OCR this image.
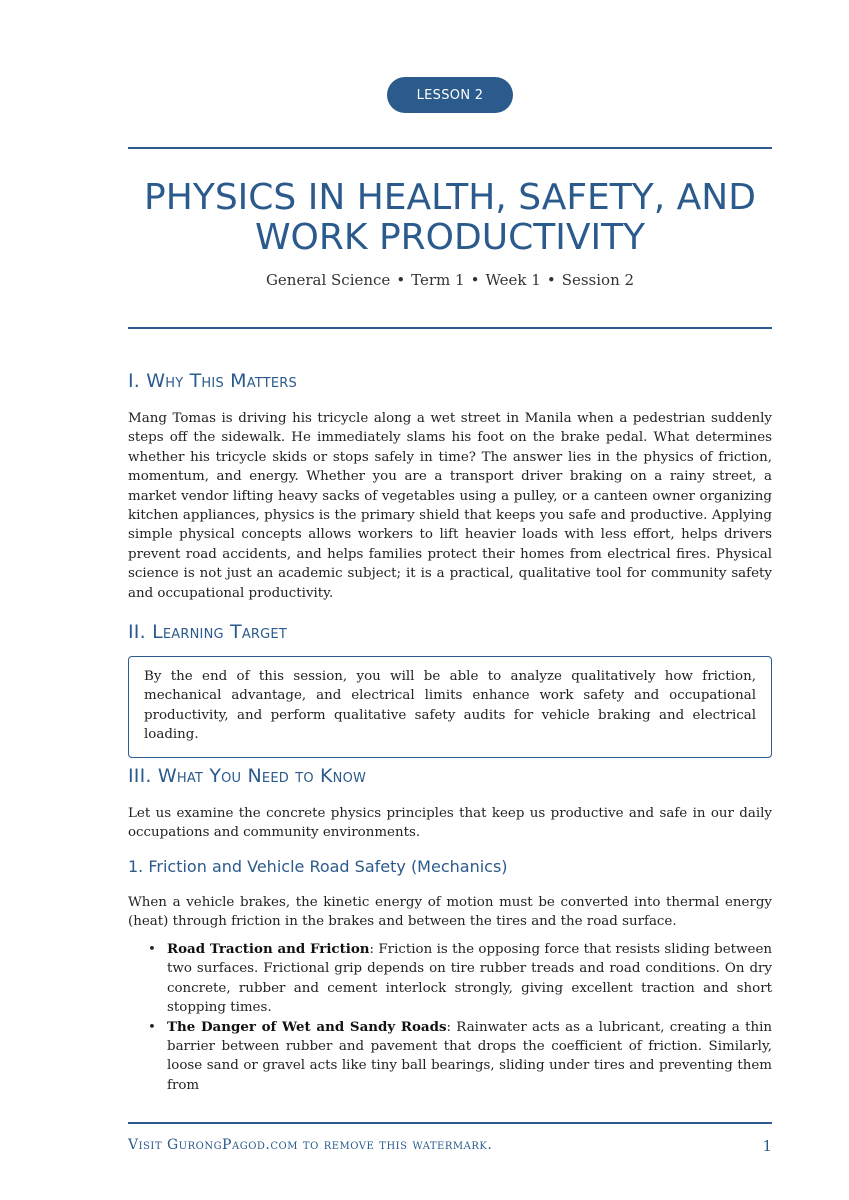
LESSON 2
PHYSICS IN HEALTH, SAFETY, AND WORK PRODUCTIVITY
General Science • Term 1 • Week 1 • Session 2
I. Why This Matters

Mang Tomas is driving his tricycle along a wet street in Manila when a pedestrian suddenly steps off the sidewalk. He immediately slams his foot on the brake pedal. What determines whether his tricycle skids or stops safely in time? The answer lies in the physics of friction, momentum, and energy. Whether you are a transport driver braking on a rainy street, a market vendor lifting heavy sacks of vegetables using a pulley, or a canteen owner organizing kitchen appliances, physics is the primary shield that keeps you safe and productive. Applying simple physical concepts allows workers to lift heavier loads with less effort, helps drivers prevent road accidents, and helps families protect their homes from electrical fires. Physical science is not just an academic subject; it is a practical, qualitative tool for community safety and occupational productivity.

II. Learning Target
By the end of this session, you will be able to analyze qualitatively how friction, mechanical advantage, and electrical limits enhance work safety and occupational productivity, and perform qualitative safety audits for vehicle braking and electrical loading.
III. What You Need to Know

Let us examine the concrete physics principles that keep us productive and safe in our daily occupations and community environments.

1. Friction and Vehicle Road Safety (Mechanics)

When a vehicle brakes, the kinetic energy of motion must be converted into thermal energy (heat) through friction in the brakes and between the tires and the road surface.

• Road Traction and Friction: Friction is the opposing force that resists sliding between two surfaces. Frictional grip depends on tire rubber treads and road conditions. On dry concrete, rubber and cement interlock strongly, giving excellent traction and short stopping times.
• The Danger of Wet and Sandy Roads: Rainwater acts as a lubricant, creating a thin barrier between rubber and pavement that drops the coefficient of friction. Similarly, loose sand or gravel acts like tiny ball bearings, sliding under tires and preventing them from
Visit GurongPagod.com to remove this watermark.	1
